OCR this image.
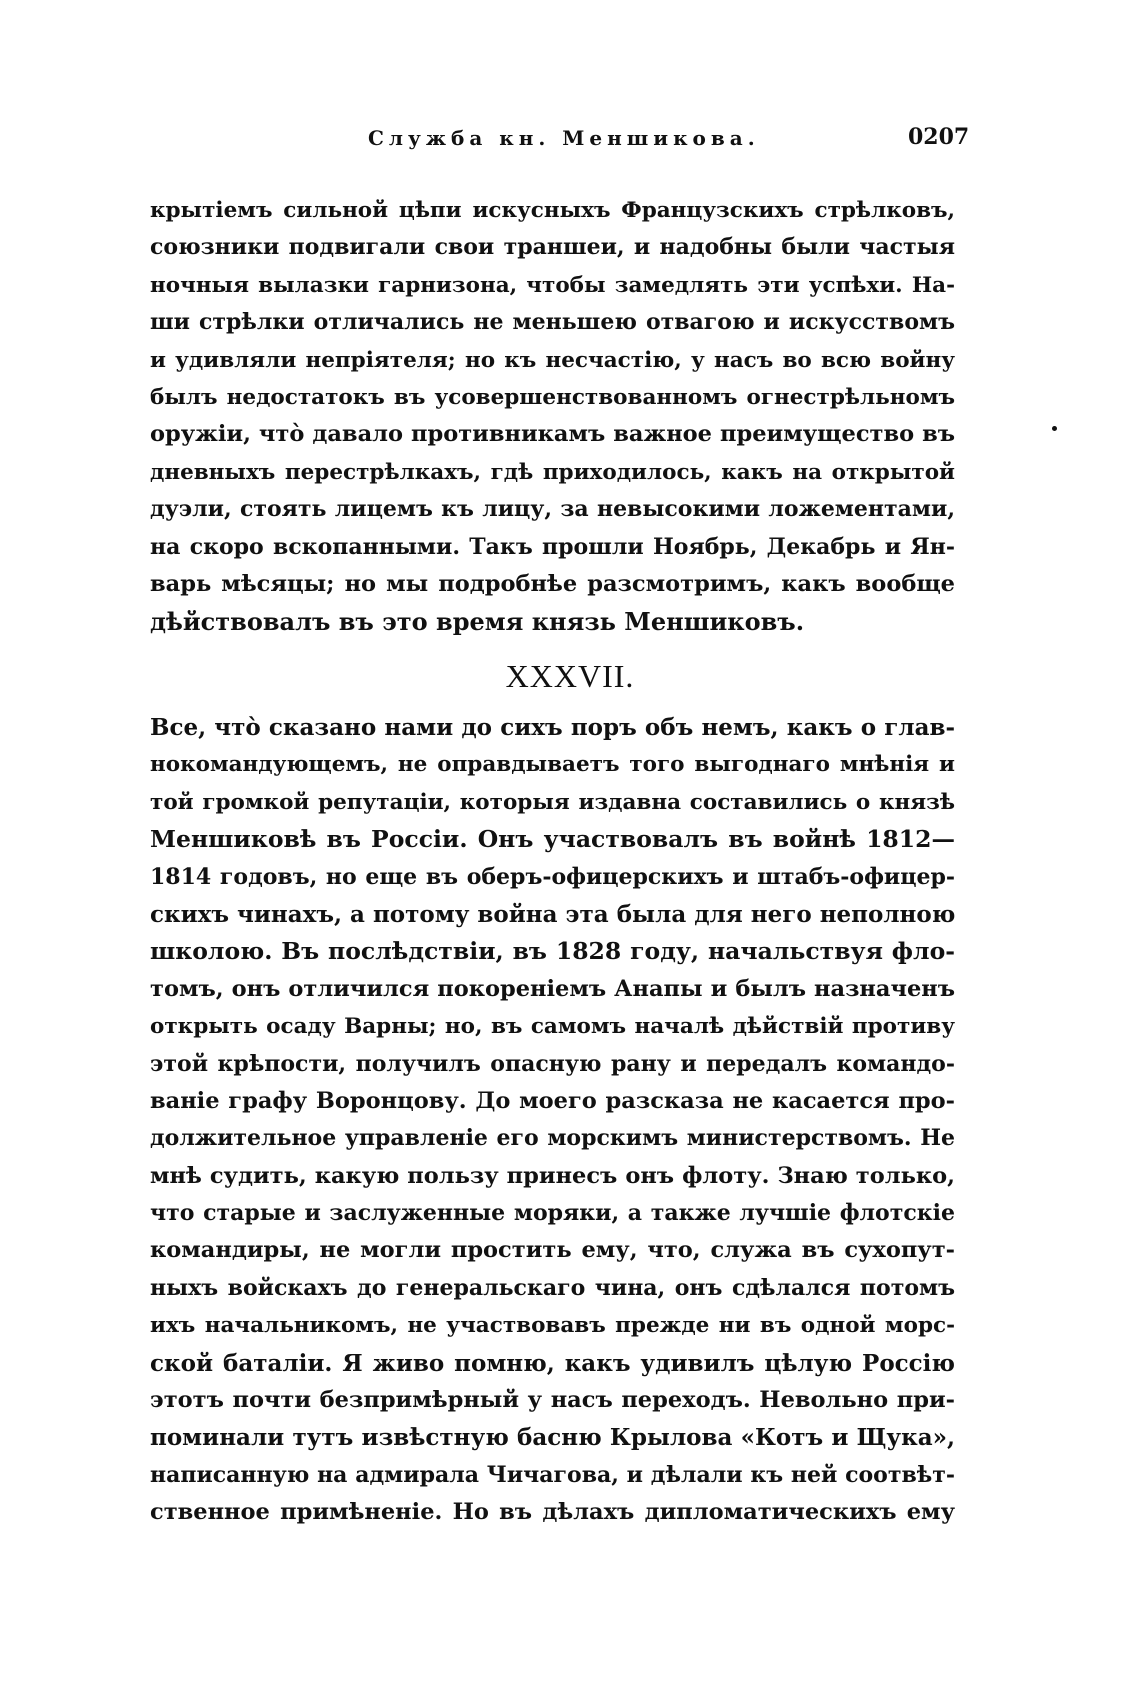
Служба кн. Меншикова.	0207
крытіемъ сильной цѣпи искусныхъ Французскихъ стрѣлковъ,
союзники подвигали свои траншеи, и надобны были частыя
ночныя вылазки гарнизона, чтобы замедлять эти успѣхи. На-
ши стрѣлки отличались не меньшею отвагою и искусствомъ
и удивляли непріятеля; но къ несчастію, у насъ во всю войну
былъ недостатокъ въ усовершенствованномъ огнестрѣльномъ
оружіи, что̀ давало противникамъ важное преимущество въ
дневныхъ перестрѣлкахъ, гдѣ приходилось, какъ на открытой
дуэли, стоять лицемъ къ лицу, за невысокими ложементами,
на скоро вскопанными. Такъ прошли Ноябрь, Декабрь и Ян-
варь мѣсяцы; но мы подробнѣе разсмотримъ, какъ вообще
дѣйствовалъ въ это время князь Меншиковъ.
XXXVII.
Все, что̀ сказано нами до сихъ поръ объ немъ, какъ о глав-
нокомандующемъ, не оправдываетъ того выгоднаго мнѣнія и
той громкой репутаціи, которыя издавна составились о князѣ
Меншиковѣ въ Россіи. Онъ участвовалъ въ войнѣ 1812—
1814 годовъ, но еще въ оберъ-офицерскихъ и штабъ-офицер-
скихъ чинахъ, а потому война эта была для него неполною
школою. Въ послѣдствіи, въ 1828 году, начальствуя фло-
томъ, онъ отличился покореніемъ Анапы и былъ назначенъ
открыть осаду Варны; но, въ самомъ началѣ дѣйствій противу
этой крѣпости, получилъ опасную рану и передалъ командо-
ваніе графу Воронцову. До моего разсказа не касается про-
должительное управленіе его морскимъ министерствомъ. Не
мнѣ судить, какую пользу принесъ онъ флоту. Знаю только,
что старые и заслуженные моряки, а также лучшіе флотскіе
командиры, не могли простить ему, что, служа въ сухопут-
ныхъ войскахъ до генеральскаго чина, онъ сдѣлался потомъ
ихъ начальникомъ, не участвовавъ прежде ни въ одной морс-
ской баталіи. Я живо помню, какъ удивилъ цѣлую Россію
этотъ почти безпримѣрный у насъ переходъ. Невольно при-
поминали тутъ извѣстную басню Крылова «Котъ и Щука»,
написанную на адмирала Чичагова, и дѣлали къ ней соотвѣт-
ственное примѣненіе. Но въ дѣлахъ дипломатическихъ ему
